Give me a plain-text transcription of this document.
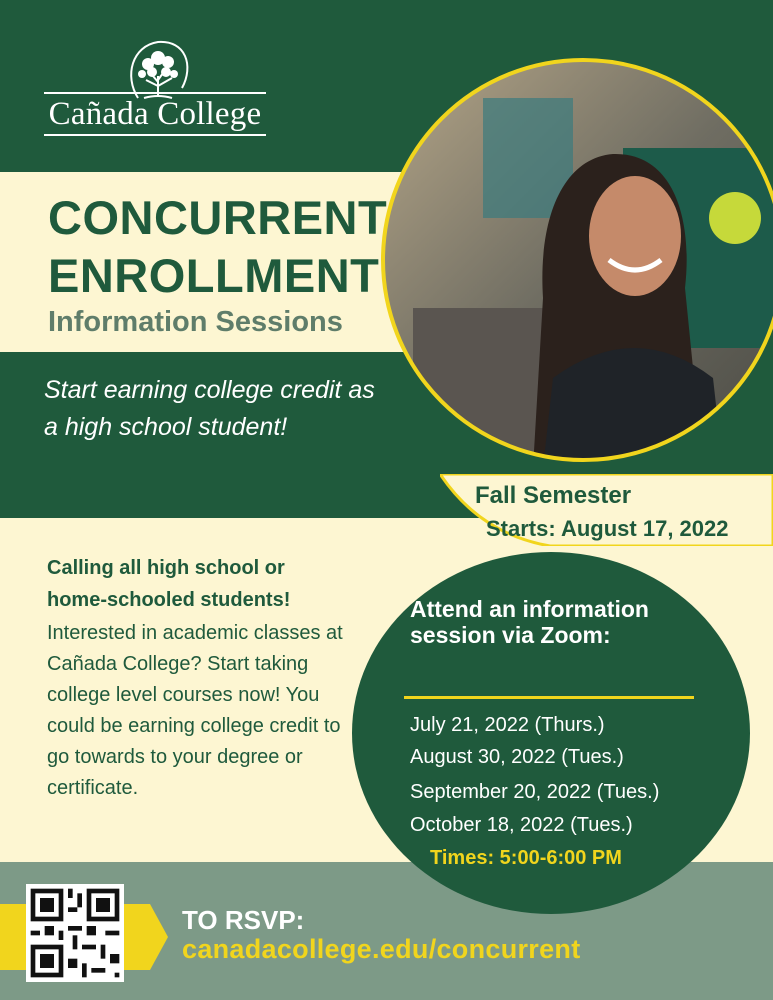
Cañada College
CONCURRENT
ENROLLMENT
Information Sessions
Start earning college credit as a high school student!
Fall Semester
Starts: August 17, 2022
Calling all high school or home-schooled students!
Interested in academic classes at Cañada College? Start taking college level courses now! You could be earning college credit to go towards to your degree or certificate.
Attend an information session via Zoom:
July 21, 2022 (Thurs.)
August 30, 2022 (Tues.)
September 20, 2022 (Tues.)
October 18, 2022 (Tues.)
Times: 5:00-6:00 PM
TO RSVP:
canadacollege.edu/concurrent
